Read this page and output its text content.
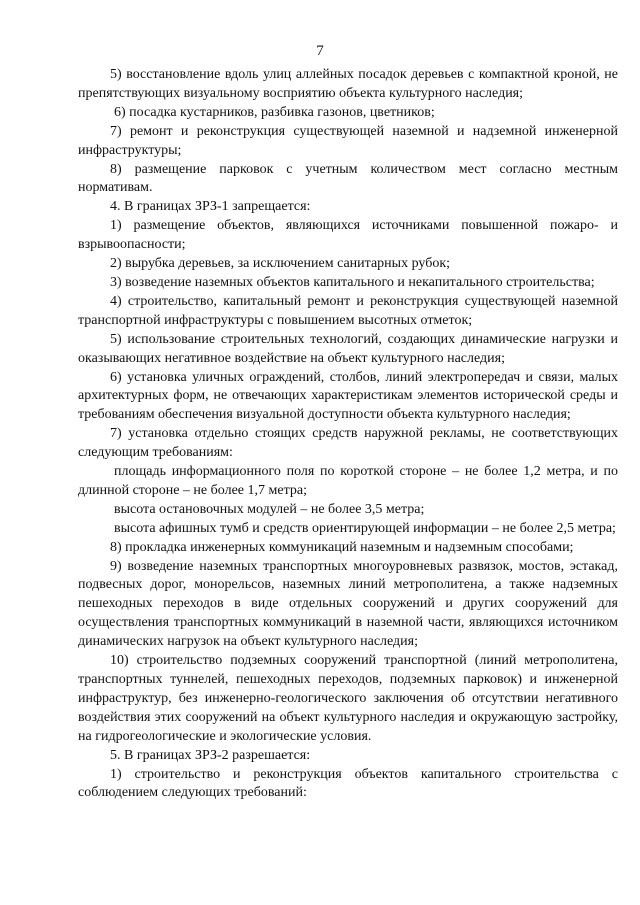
7

5) восстановление вдоль улиц аллейных посадок деревьев с компактной кроной, не препятствующих визуальному восприятию объекта культурного наследия;

6) посадка кустарников, разбивка газонов, цветников;

7) ремонт и реконструкция существующей наземной и надземной инженерной инфраструктуры;

8) размещение парковок с учетным количеством мест согласно местным нормативам.

4. В границах ЗРЗ-1 запрещается:

1) размещение объектов, являющихся источниками повышенной пожаро- и взрывоопасности;

2) вырубка деревьев, за исключением санитарных рубок;

3) возведение наземных объектов капитального и некапитального строительства;

4) строительство, капитальный ремонт и реконструкция существующей наземной транспортной инфраструктуры с повышением высотных отметок;

5) использование строительных технологий, создающих динамические нагрузки и оказывающих негативное воздействие на объект культурного наследия;

6) установка уличных ограждений, столбов, линий электропередач и связи, малых архитектурных форм, не отвечающих характеристикам элементов исторической среды и требованиям обеспечения визуальной доступности объекта культурного наследия;

7) установка отдельно стоящих средств наружной рекламы, не соответствующих следующим требованиям:

площадь информационного поля по короткой стороне – не более 1,2 метра, и по длинной стороне – не более 1,7 метра;

высота остановочных модулей – не более 3,5 метра;

высота афишных тумб и средств ориентирующей информации – не более 2,5 метра;

8) прокладка инженерных коммуникаций наземным и надземным способами;

9) возведение наземных транспортных многоуровневых развязок, мостов, эстакад, подвесных дорог, монорельсов, наземных линий метрополитена, а также надземных пешеходных переходов в виде отдельных сооружений и других сооружений для осуществления транспортных коммуникаций в наземной части, являющихся источником динамических нагрузок на объект культурного наследия;

10) строительство подземных сооружений транспортной (линий метрополитена, транспортных туннелей, пешеходных переходов, подземных парковок) и инженерной инфраструктур, без инженерно-геологического заключения об отсутствии негативного воздействия этих сооружений на объект культурного наследия и окружающую застройку, на гидрогеологические и экологические условия.

5. В границах ЗРЗ-2 разрешается:

1) строительство и реконструкция объектов капитального строительства с соблюдением следующих требований:
